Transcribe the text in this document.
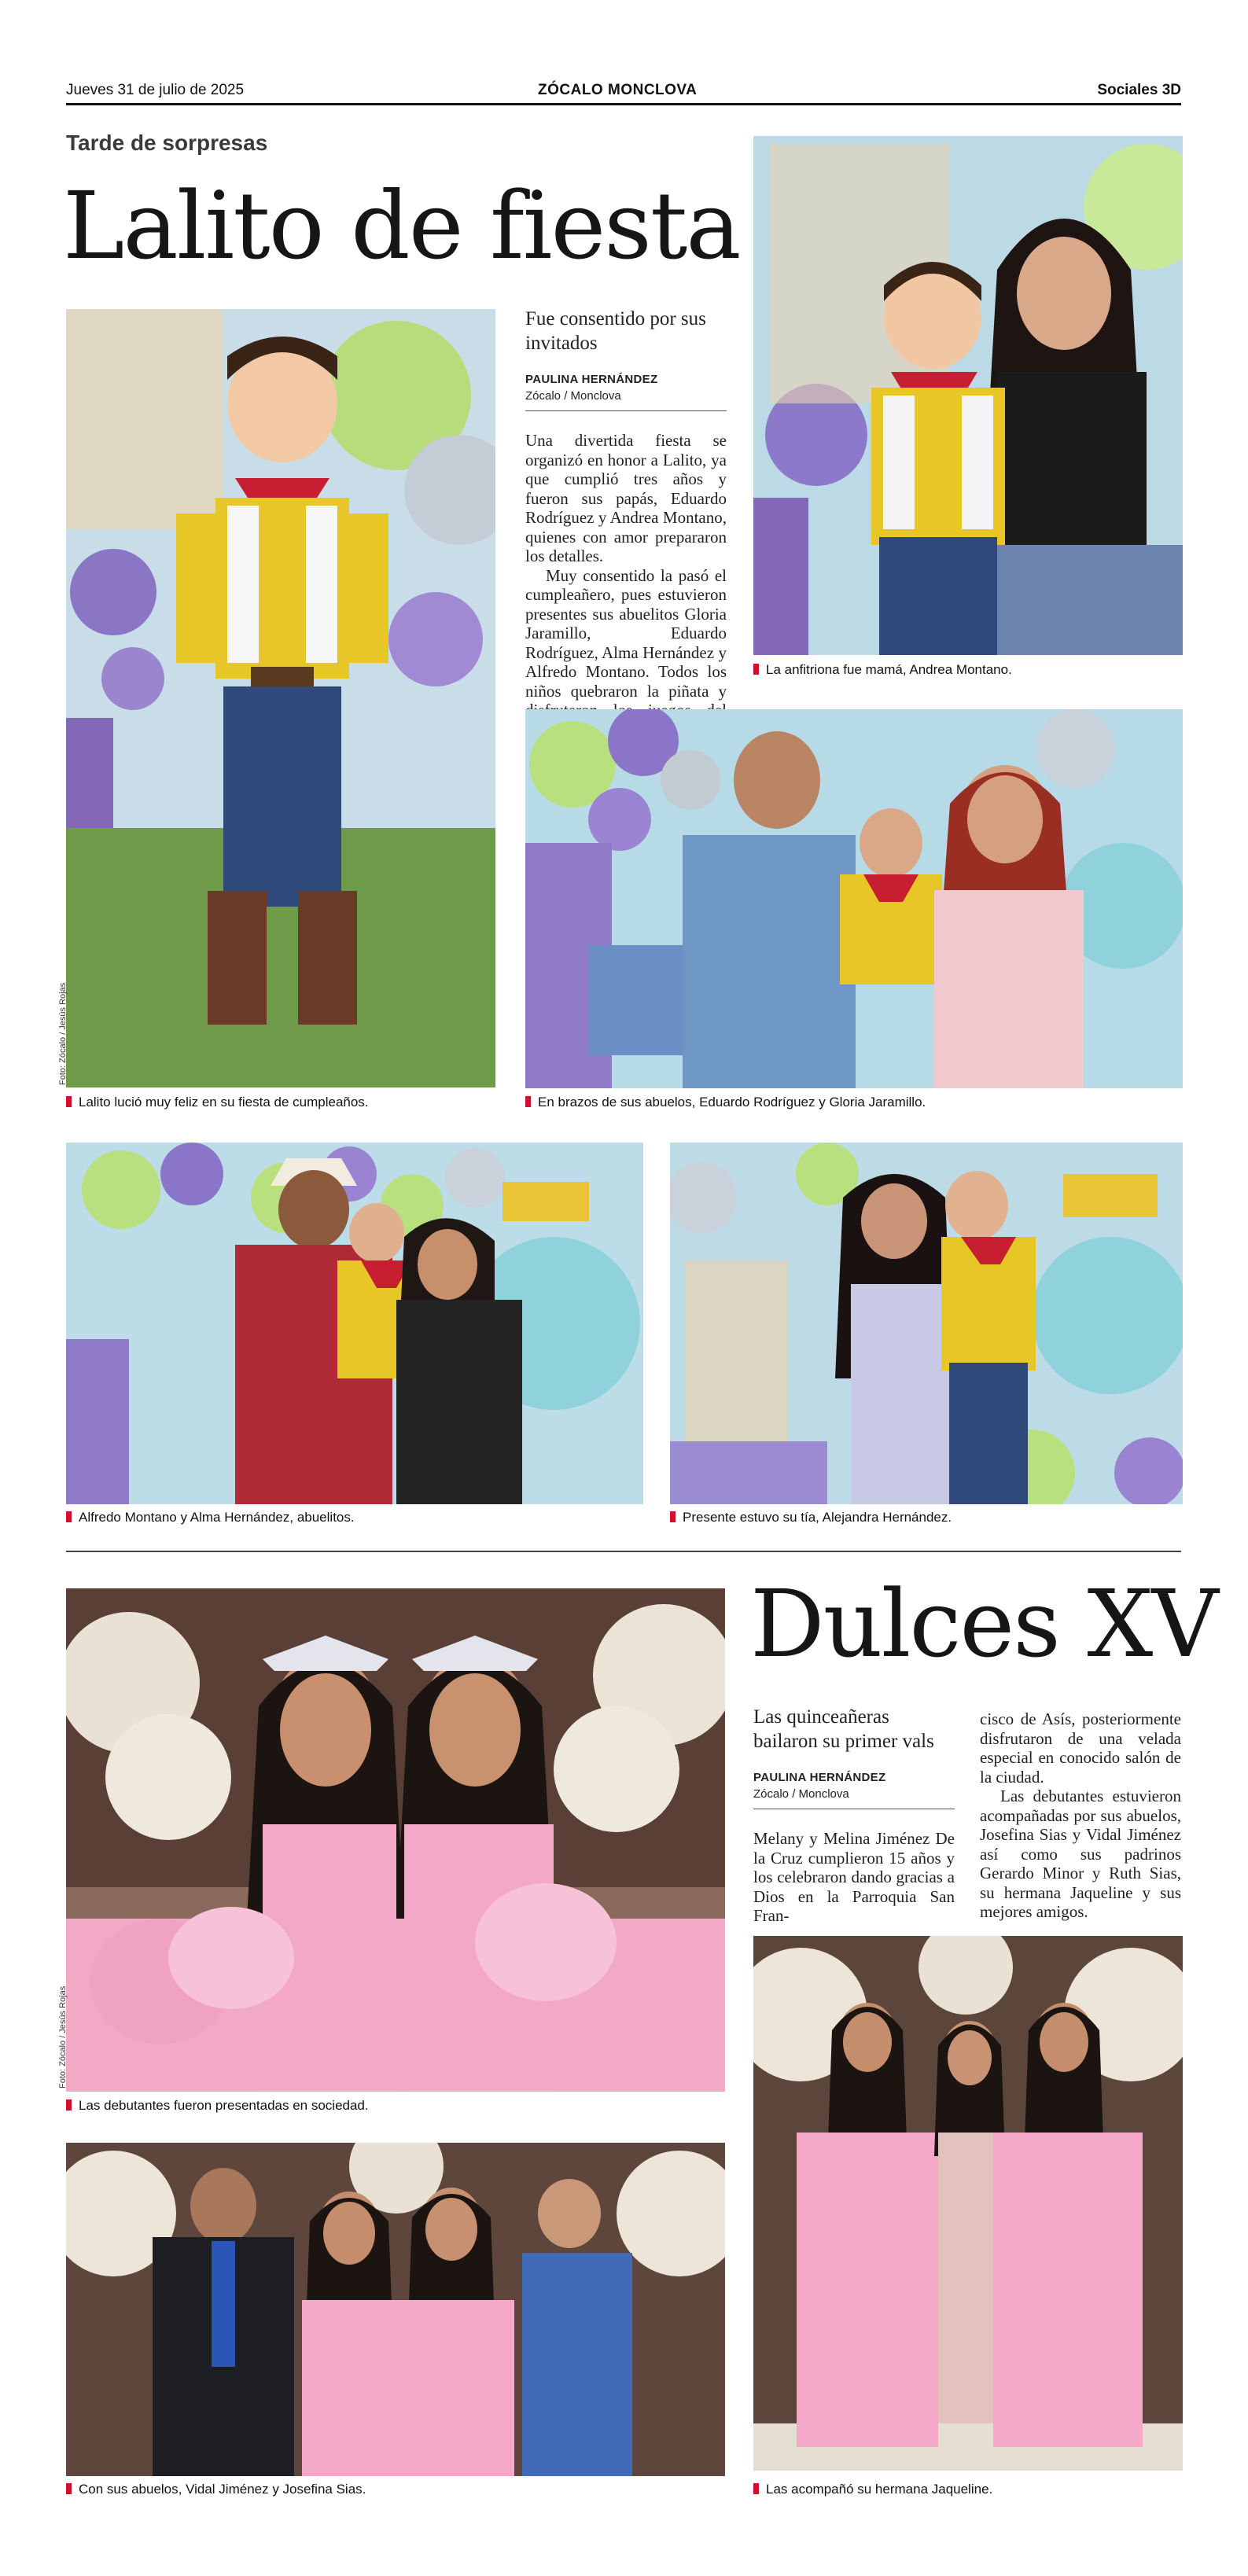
Jueves 31 de julio de 2025	ZÓCALO MONCLOVA	Sociales 3D
Tarde de sorpresas
Lalito de fiesta
Foto: Zócalo / Jesús Rojas
Lalito lució muy feliz en su fiesta de cumpleaños.
Fue consentido por sus invitados
PAULINA HERNÁNDEZ
Zócalo / Monclova

Una divertida fiesta se organizó en honor a Lalito, ya que cumplió tres años y fueron sus papás, Eduardo Rodríguez y Andrea Montano, quienes con amor prepararon los detalles.

Muy consentido la pasó el cumpleañero, pues estuvieron presentes sus abuelitos Gloria Jaramillo, Eduardo Rodríguez, Alma Hernández y Alfredo Montano. Todos los niños quebraron la piñata y

La anfitriona fue mamá, Andrea Montano.
En brazos de sus abuelos, Eduardo Rodríguez y Gloria Jaramillo.
Alfredo Montano y Alma Hernández, abuelitos.	Presente estuvo su tía, Alejandra Hernández.
Foto: Zócalo / Jesús Rojas
Las debutantes fueron presentadas en sociedad.
Con sus abuelos, Vidal Jiménez y Josefina Sias.
Dulces XV
Las quinceañeras bailaron su primer vals
PAULINA HERNÁNDEZ
Zócalo / Monclova

Melany y Melina Jiménez De la Cruz cumplieron 15 años y los celebraron dando gracias a Dios en la Parroquia San Fran-

cisco de Asís, posteriormente disfrutaron de una velada especial en conocido salón de la ciudad.

Las debutantes estuvieron acompañadas por sus abuelos, Josefina Sias y Vidal Jiménez así como sus padrinos Gerardo Minor y Ruth Sias, su hermana Jaqueline y sus mejores amigos.

Las acompañó su hermana Jaqueline.
